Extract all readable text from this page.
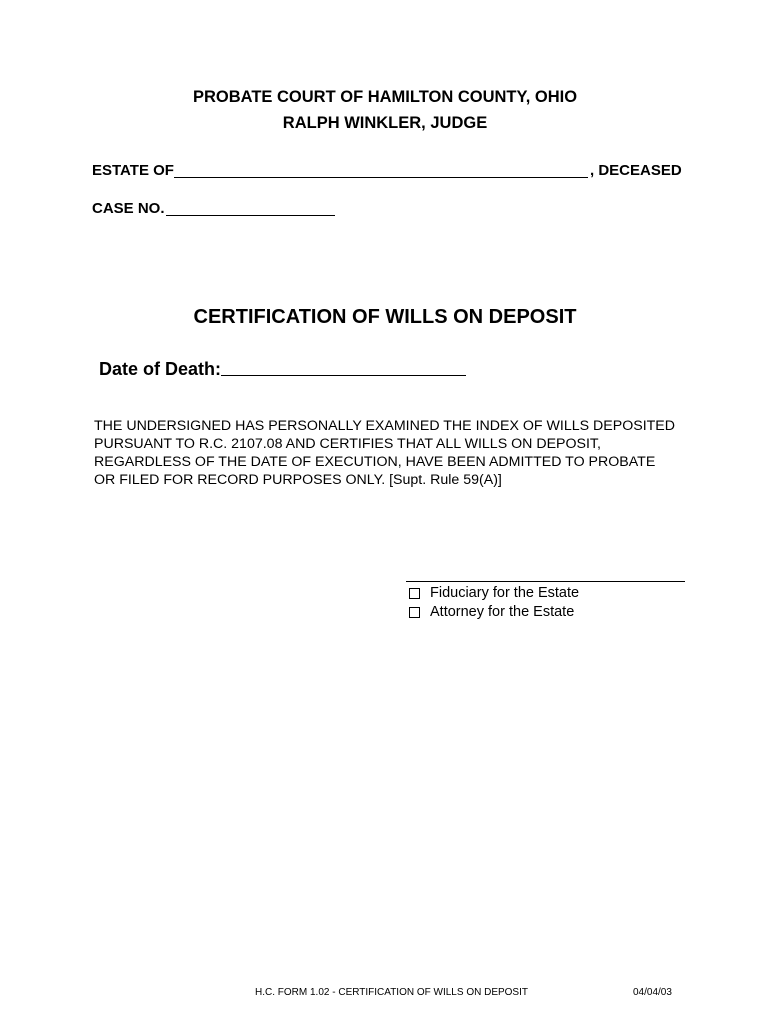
PROBATE COURT OF HAMILTON COUNTY, OHIO
RALPH WINKLER, JUDGE
ESTATE OF	, DECEASED
CASE NO.
CERTIFICATION OF WILLS ON DEPOSIT
Date of Death:
THE UNDERSIGNED HAS PERSONALLY EXAMINED THE INDEX OF WILLS DEPOSITED
PURSUANT TO R.C. 2107.08 AND CERTIFIES THAT ALL WILLS ON DEPOSIT,
REGARDLESS OF THE DATE OF EXECUTION, HAVE BEEN ADMITTED TO PROBATE
OR FILED FOR RECORD PURPOSES ONLY. [Supt. Rule 59(A)]
Fiduciary for the Estate
Attorney for the Estate
H.C. FORM 1.02 - CERTIFICATION OF WILLS ON DEPOSIT	04/04/03
